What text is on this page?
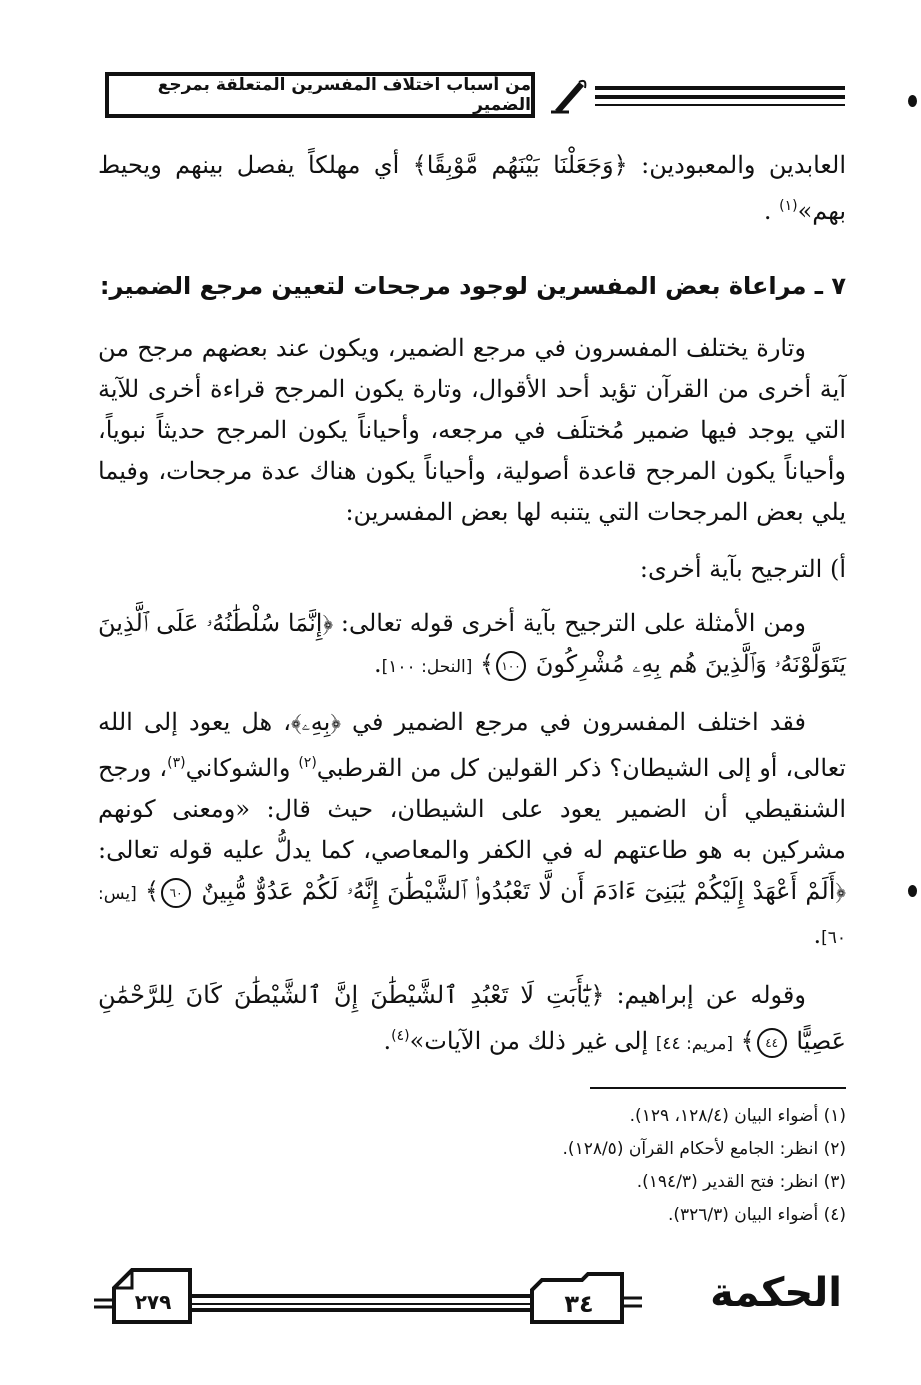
من أسباب اختلاف المفسرين المتعلقة بمرجع الضمير

العابدين والمعبودين: ﴿وَجَعَلْنَا بَيْنَهُم مَّوْبِقًا﴾ أي مهلكاً يفصل بينهم ويحيط

بهم»$^{(١)}$ .

٧ ـ مراعاة بعض المفسرين لوجود مرجحات لتعيين مرجع الضمير:

وتارة يختلف المفسرون في مرجع الضمير، ويكون عند بعضهم مرجح من آية أخرى من القرآن تؤيد أحد الأقوال، وتارة يكون المرجح قراءة أخرى للآية التي يوجد فيها ضمير مُختلَف في مرجعه، وأحياناً يكون المرجح حديثاً نبوياً، وأحياناً يكون المرجح قاعدة أصولية، وأحياناً يكون هناك عدة مرجحات، وفيما يلي بعض المرجحات التي يتنبه لها بعض المفسرين:

أ) الترجيح بآية أخرى:

ومن الأمثلة على الترجيح بآية أخرى قوله تعالى: ﴿إِنَّمَا سُلْطَٰنُهُۥ عَلَى ٱلَّذِينَ يَتَوَلَّوْنَهُۥ وَٱلَّذِينَ هُم بِهِۦ مُشْرِكُونَ ١٠٠﴾ [النحل: ١٠٠].

فقد اختلف المفسرون في مرجع الضمير في ﴿بِهِۦ﴾، هل يعود إلى الله تعالى، أو إلى الشيطان؟ ذكر القولين كل من القرطبي$^{(٢)}$ والشوكاني$^{(٣)}$، ورجح الشنقيطي أن الضمير يعود على الشيطان، حيث قال: «ومعنى كونهم مشركين به هو طاعتهم له في الكفر والمعاصي، كما يدلُّ عليه قوله تعالى: ﴿أَلَمْ أَعْهَدْ إِلَيْكُمْ يَٰبَنِىٓ ءَادَمَ أَن لَّا تَعْبُدُوا۟ ٱلشَّيْطَٰنَ إِنَّهُۥ لَكُمْ عَدُوٌّ مُّبِينٌ ٦٠﴾ [يس: ٦٠].

وقوله عن إبراهيم: ﴿يَٰٓأَبَتِ لَا تَعْبُدِ ٱلشَّيْطَٰنَ إِنَّ ٱلشَّيْطَٰنَ كَانَ لِلرَّحْمَٰنِ عَصِيًّا ٤٤﴾ [مريم: ٤٤] إلى غير ذلك من الآيات»$^{(٤)}$.

(١) أضواء البيان (١٢٨/٤، ١٢٩).
(٢) انظر: الجامع لأحكام القرآن (١٢٨/٥).
(٣) انظر: فتح القدير (١٩٤/٣).
(٤) أضواء البيان (٣٢٦/٣).
٢٧٩	٣٤	الحكمة
